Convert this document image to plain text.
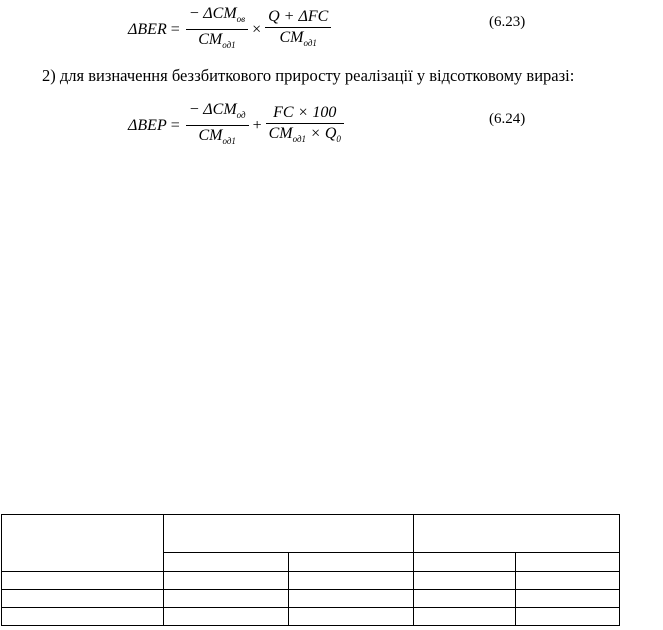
$\Delta BER = \frac{- \Delta CM_{ов}}{CM_{од1}} \times \frac{\text{Q + ΔFC}}{CM_{од1}}$	(6.23)
2) для визначення беззбиткового приросту реалізації у відсотковому виразі:
$\Delta BEP = \frac{- \Delta CM_{од}}{CM_{од1}} + \frac{FC \times 100}{CM_{од1} \times Q_0}$	(6.24)
